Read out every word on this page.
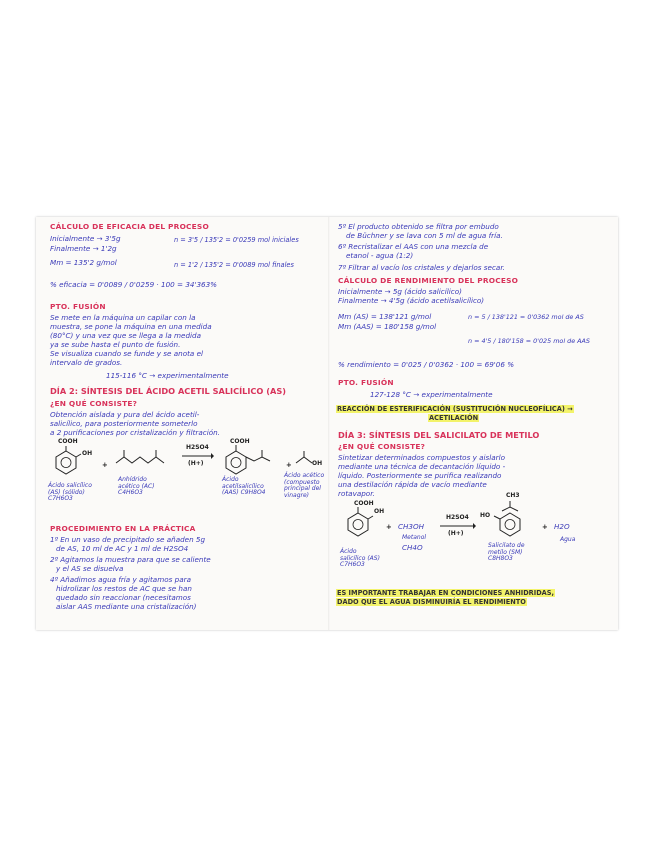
CÁLCULO DE EFICACIA DEL PROCESO
Inicialmente → 3'5g
Finalmente → 1'2g
n = 3'5 / 135'2 = 0'0259 mol iniciales
Mm = 135'2 g/mol	n = 1'2 / 135'2 = 0'0089 mol finales
% eficacia = 0'0089 / 0'0259 · 100 = 34'363%
PTO. FUSIÓN
Se mete en la máquina un capilar con la
muestra, se pone la máquina en una medida
(80°C) y una vez que se llega a la medida
ya se sube hasta el punto de fusión.
Se visualiza cuando se funde y se anota el
intervalo de grados.
115-116 °C → experimentalmente
DÍA 2: SÍNTESIS DEL ÁCIDO ACETIL SALICÍLICO (AS)
¿EN QUÉ CONSISTE?
Obtención aislada y pura del ácido acetil-
salicílico, para posteriormente someterlo
a 2 purificaciones por cristalización y filtración.
COOH
OH
+
H2SO4
(H+)
COOH
+	OH
Ácido salicílico (AS) (sólido) C7H6O3
Anhídrido acético (AC) C4H6O3
Ácido acetilsalicílico (AAS) C9H8O4
Ácido acético (compuesto principal del vinagre)
PROCEDIMIENTO EN LA PRÁCTICA
1º En un vaso de precipitado se añaden 5g
de AS, 10 ml de AC y 1 ml de H2SO4
2º Agitamos la muestra para que se caliente
y el AS se disuelva
4º Añadimos agua fría y agitamos para
hidrolizar los restos de AC que se han
quedado sin reaccionar (necesitamos
aislar AAS mediante una cristalización)
5º El producto obtenido se filtra por embudo
de Büchner y se lava con 5 ml de agua fría.
6º Recristalizar el AAS con una mezcla de
etanol - agua (1:2)
7º Filtrar al vacío los cristales y dejarlos secar.
CÁLCULO DE RENDIMIENTO DEL PROCESO
Inicialmente → 5g (ácido salicílico)
Finalmente → 4'5g (ácido acetilsalicílico)
Mm (AS) = 138'121 g/mol
Mm (AAS) = 180'158 g/mol
n = 5 / 138'121 = 0'0362 mol de AS
n = 4'5 / 180'158 = 0'025 mol de AAS
% rendimiento = 0'025 / 0'0362 · 100 = 69'06 %
PTO. FUSIÓN
127-128 °C → experimentalmente
REACCIÓN DE ESTERIFICACIÓN (SUSTITUCIÓN NUCLEOFÍLICA) →
ACETILACIÓN
DÍA 3: SÍNTESIS DEL SALICILATO DE METILO
¿EN QUÉ CONSISTE?
Sintetizar determinados compuestos y aislarlo
mediante una técnica de decantación líquido -
líquido. Posteriormente se purifica realizando
una destilación rápida de vacío mediante
rotavapor.
COOH
OH
+ CH3OH
Metanol
CH4O
H2SO4
(H+)
HO
CH3
+ H2O
Agua
Ácido salicílico (AS) C7H6O3
Salicilato de metilo (SM) C8H8O3
ES IMPORTANTE TRABAJAR EN CONDICIONES ANHIDRIDAS,
DADO QUE EL AGUA DISMINUIRÍA EL RENDIMIENTO
